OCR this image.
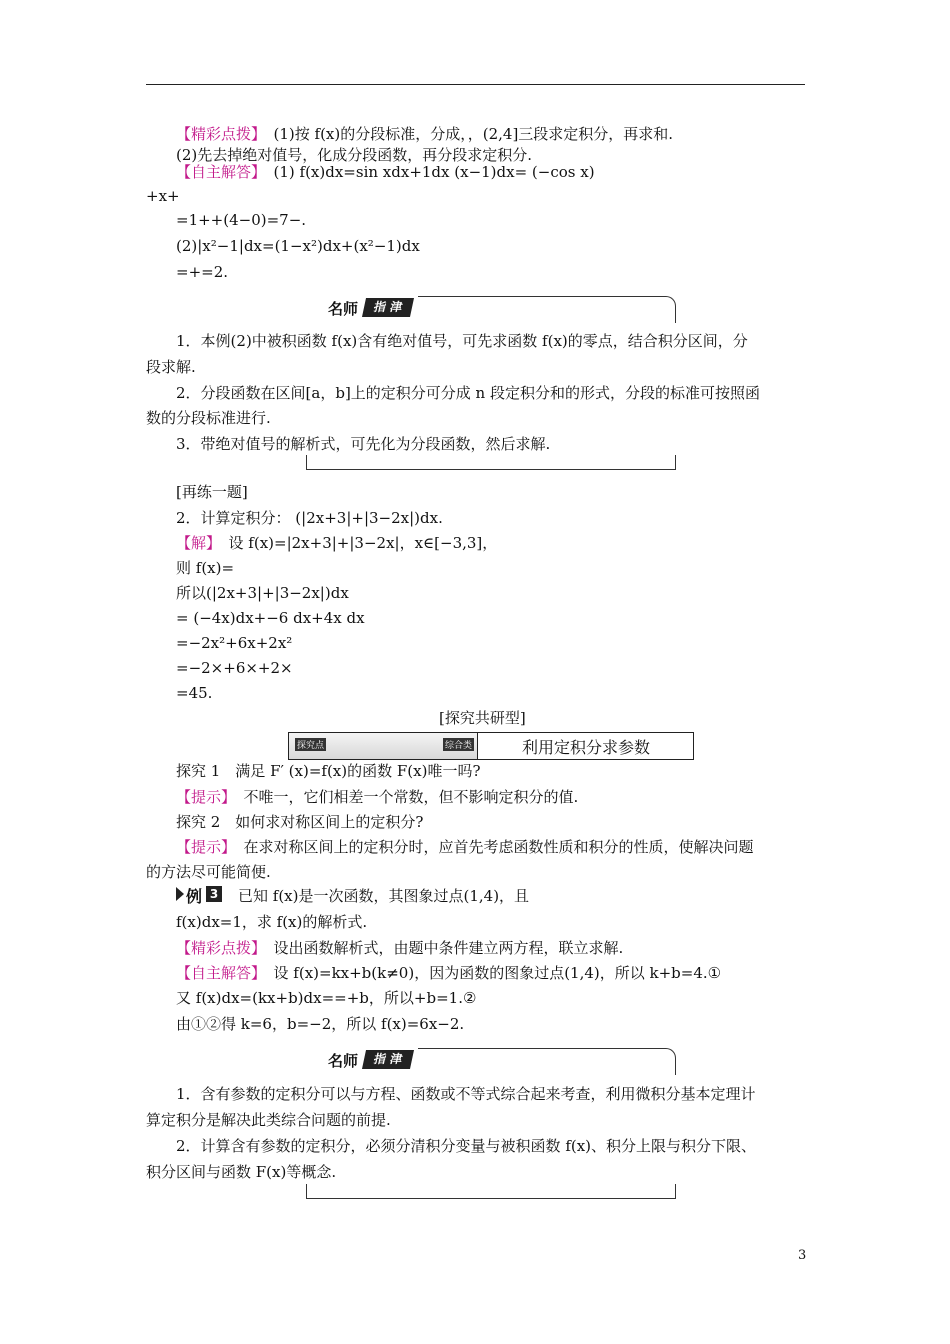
【精彩点拨】　(1)按 f(x)的分段标准，分成，，(2,4]三段求定积分，再求和.
(2)先去掉绝对值号，化成分段函数，再分段求定积分.
【自主解答】　(1) f(x)dx=sin xdx+1dx (x−1)dx= (−cos x)
+x+
=1++(4−0)=7−.
(2)|x²−1|dx=(1−x²)dx+(x²−1)dx
=+=2.
名师	指 津
1．本例(2)中被积函数 f(x)含有绝对值号，可先求函数 f(x)的零点，结合积分区间，分
段求解.
2．分段函数在区间[a，b]上的定积分可分成 n 段定积分和的形式，分段的标准可按照函
数的分段标准进行.
3．带绝对值号的解析式，可先化为分段函数，然后求解.
[再练一题]
2．计算定积分： (|2x+3|+|3−2x|)dx.
【解】　设 f(x)=|2x+3|+|3−2x|，x∈[−3,3]，
则 f(x)=
所以(|2x+3|+|3−2x|)dx
= (−4x)dx+−6 dx+4x dx
=−2x²+6x+2x²
=−2×+6×+2×
=45.
[探究共研型]
探究点	综合类	利用定积分求参数
探究 1　满足 F′ (x)=f(x)的函数 F(x)唯一吗?
【提示】　不唯一，它们相差一个常数，但不影响定积分的值.
探究 2　如何求对称区间上的定积分?
【提示】　在求对称区间上的定积分时，应首先考虑函数性质和积分的性质，使解决问题
的方法尽可能简便.
例 3 已知 f(x)是一次函数，其图象过点(1,4)，且
f(x)dx=1，求 f(x)的解析式.
【精彩点拨】　设出函数解析式，由题中条件建立两方程，联立求解.
【自主解答】　设 f(x)=kx+b(k≠0)，因为函数的图象过点(1,4)，所以 k+b=4.①
又 f(x)dx=(kx+b)dx==+b，所以+b=1.②
由①②得 k=6，b=−2，所以 f(x)=6x−2.
名师	指 津
1．含有参数的定积分可以与方程、函数或不等式综合起来考查，利用微积分基本定理计
算定积分是解决此类综合问题的前提.
2．计算含有参数的定积分，必须分清积分变量与被积函数 f(x)、积分上限与积分下限、
积分区间与函数 F(x)等概念.
3
